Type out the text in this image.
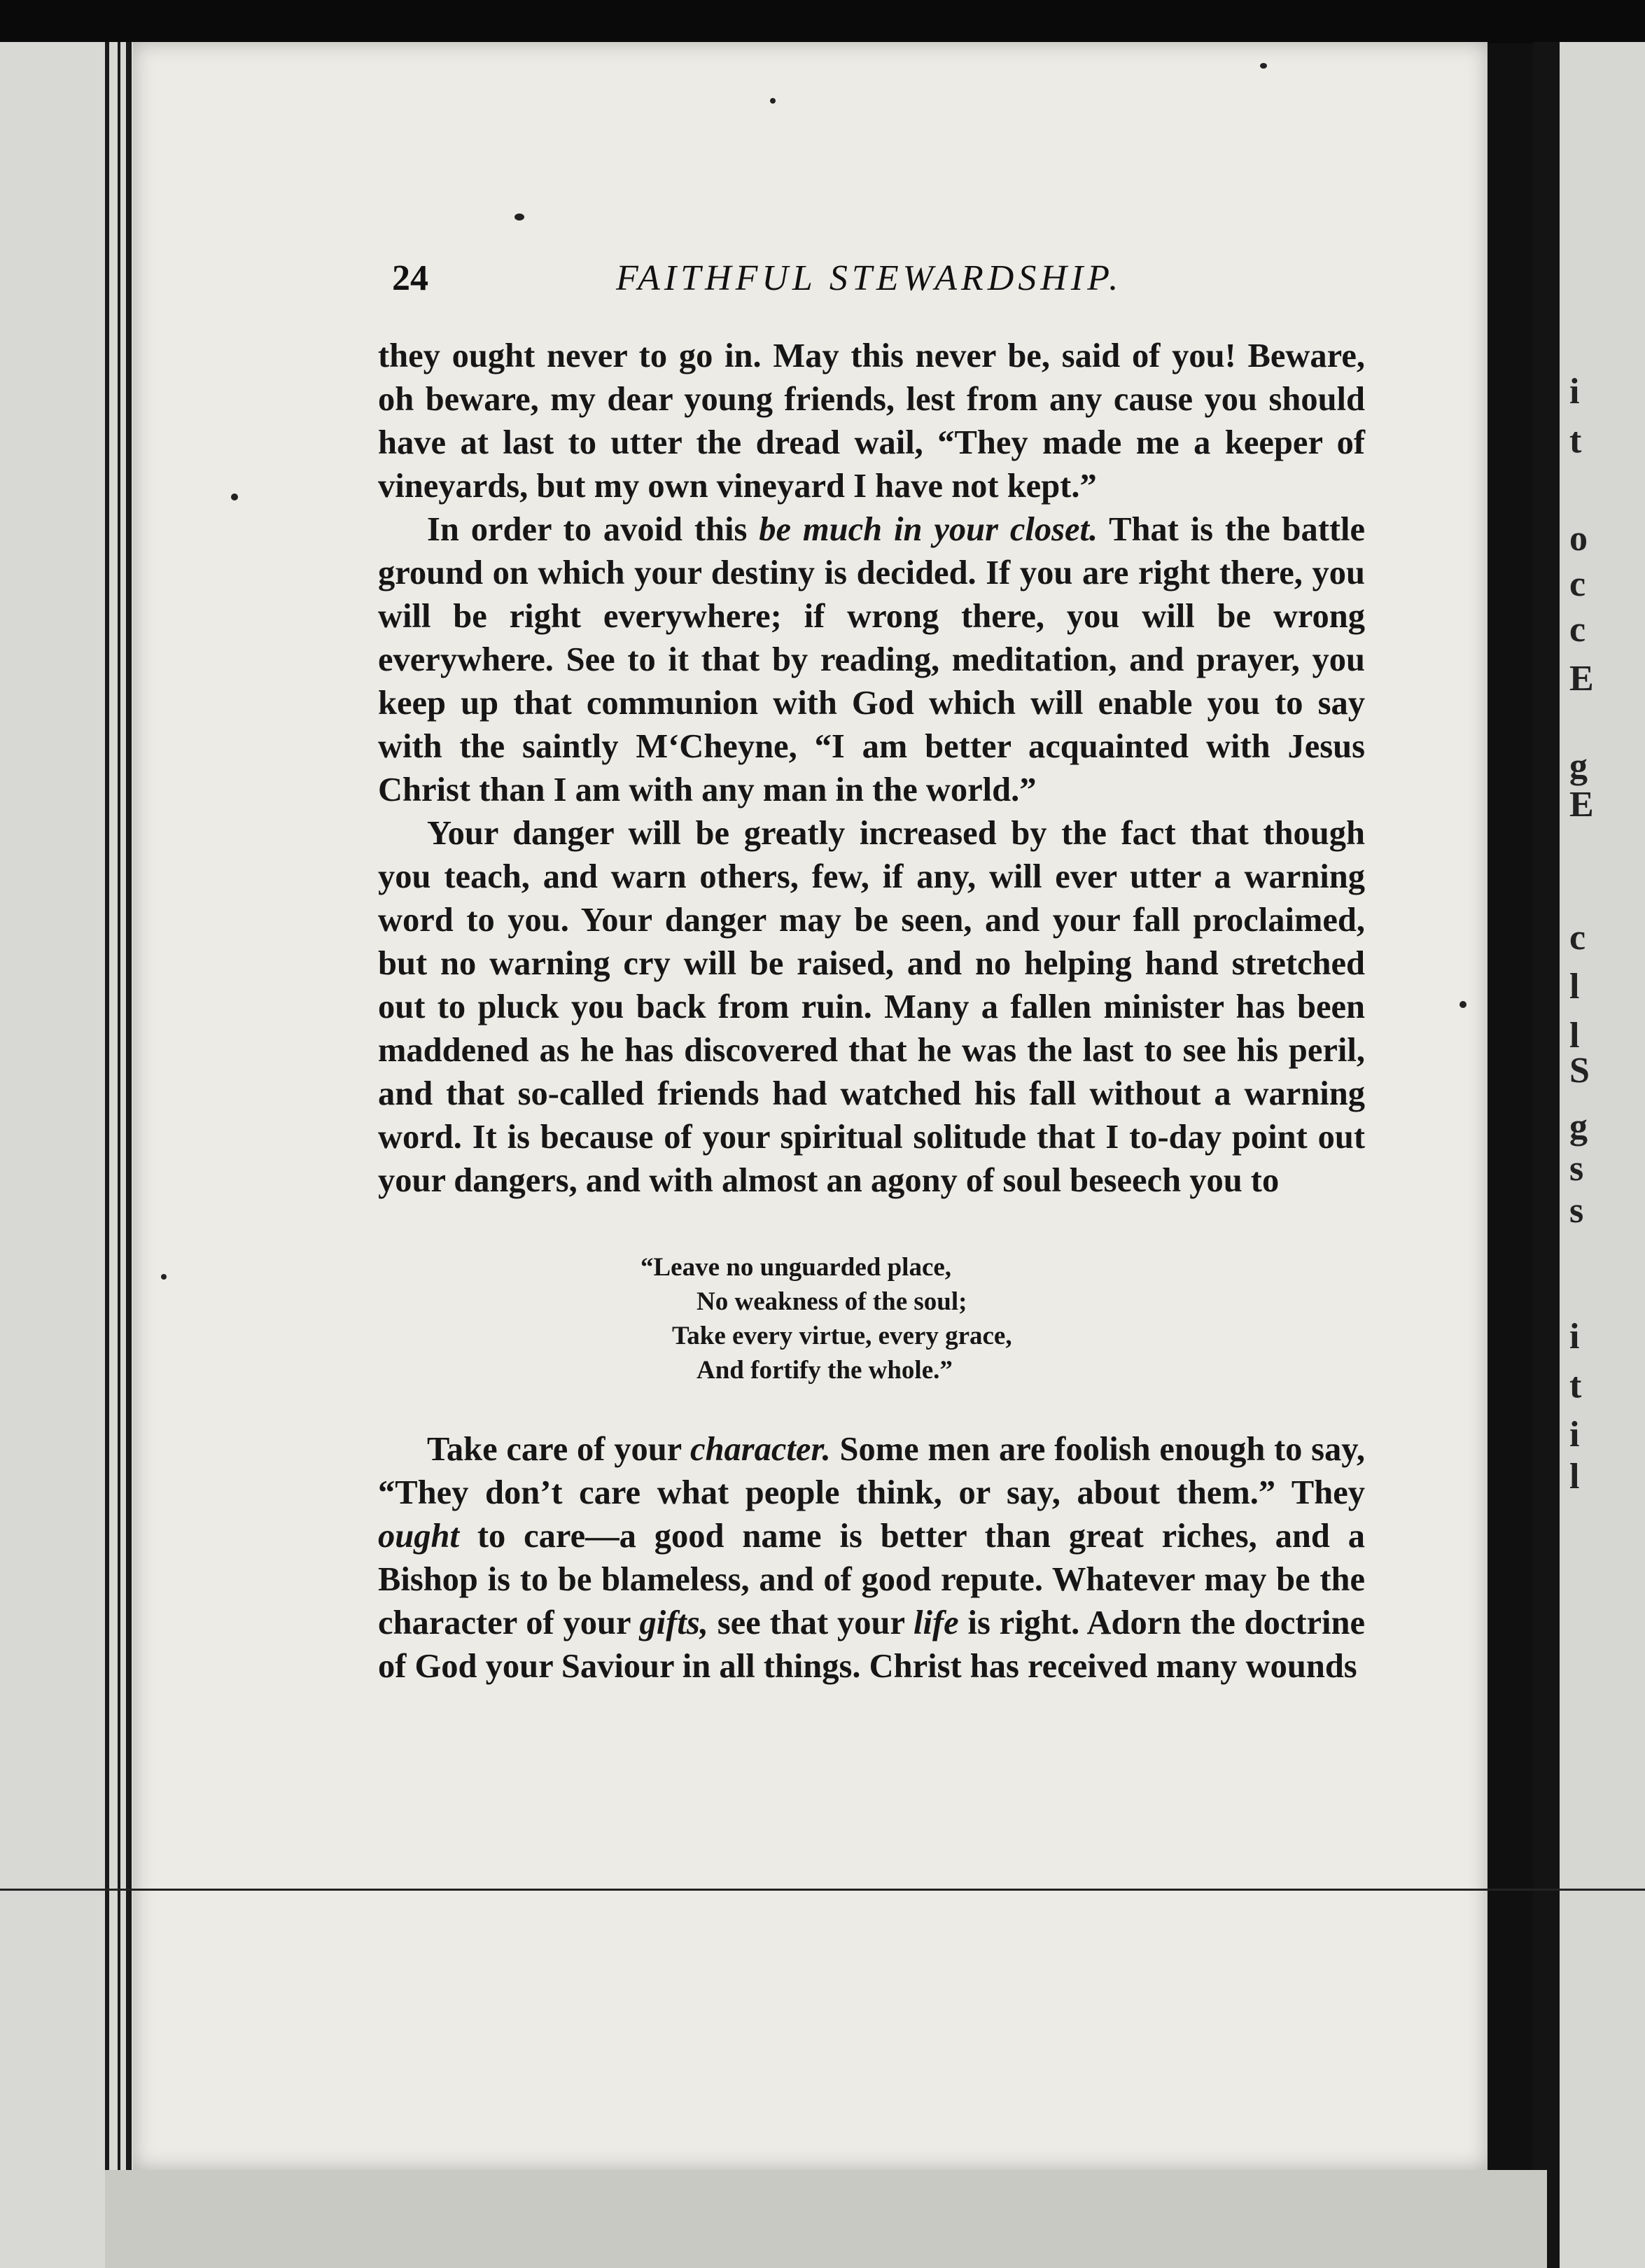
i
t
o
c
c
E
g
E
c
l
l
S
g
s
s
i
t
i
l
24	FAITHFUL STEWARDSHIP.

they ought never to go in. May this never be, said of you! Beware, oh beware, my dear young friends, lest from any cause you should have at last to utter the dread wail, “They made me a keeper of vineyards, but my own vineyard I have not kept.”

In order to avoid this be much in your closet. That is the battle ground on which your destiny is decided. If you are right there, you will be right everywhere; if wrong there, you will be wrong everywhere. See to it that by reading, meditation, and prayer, you keep up that communion with God which will enable you to say with the saintly M‘Cheyne, “I am better acquainted with Jesus Christ than I am with any man in the world.”

Your danger will be greatly increased by the fact that though you teach, and warn others, few, if any, will ever utter a warning word to you. Your danger may be seen, and your fall proclaimed, but no warning cry will be raised, and no helping hand stretched out to pluck you back from ruin. Many a fallen minister has been maddened as he has discovered that he was the last to see his peril, and that so-called friends had watched his fall without a warning word. It is because of your spiritual solitude that I to-day point out your dangers, and with almost an agony of soul beseech you to

“Leave no unguarded place,
No weakness of the soul;
Take every virtue, every grace,
And fortify the whole.”

Take care of your character. Some men are foolish enough to say, “They don’t care what people think, or say, about them.” They ought to care—a good name is better than great riches, and a Bishop is to be blameless, and of good repute. Whatever may be the character of your gifts, see that your life is right. Adorn the doctrine of God your Saviour in all things. Christ has received many wounds
